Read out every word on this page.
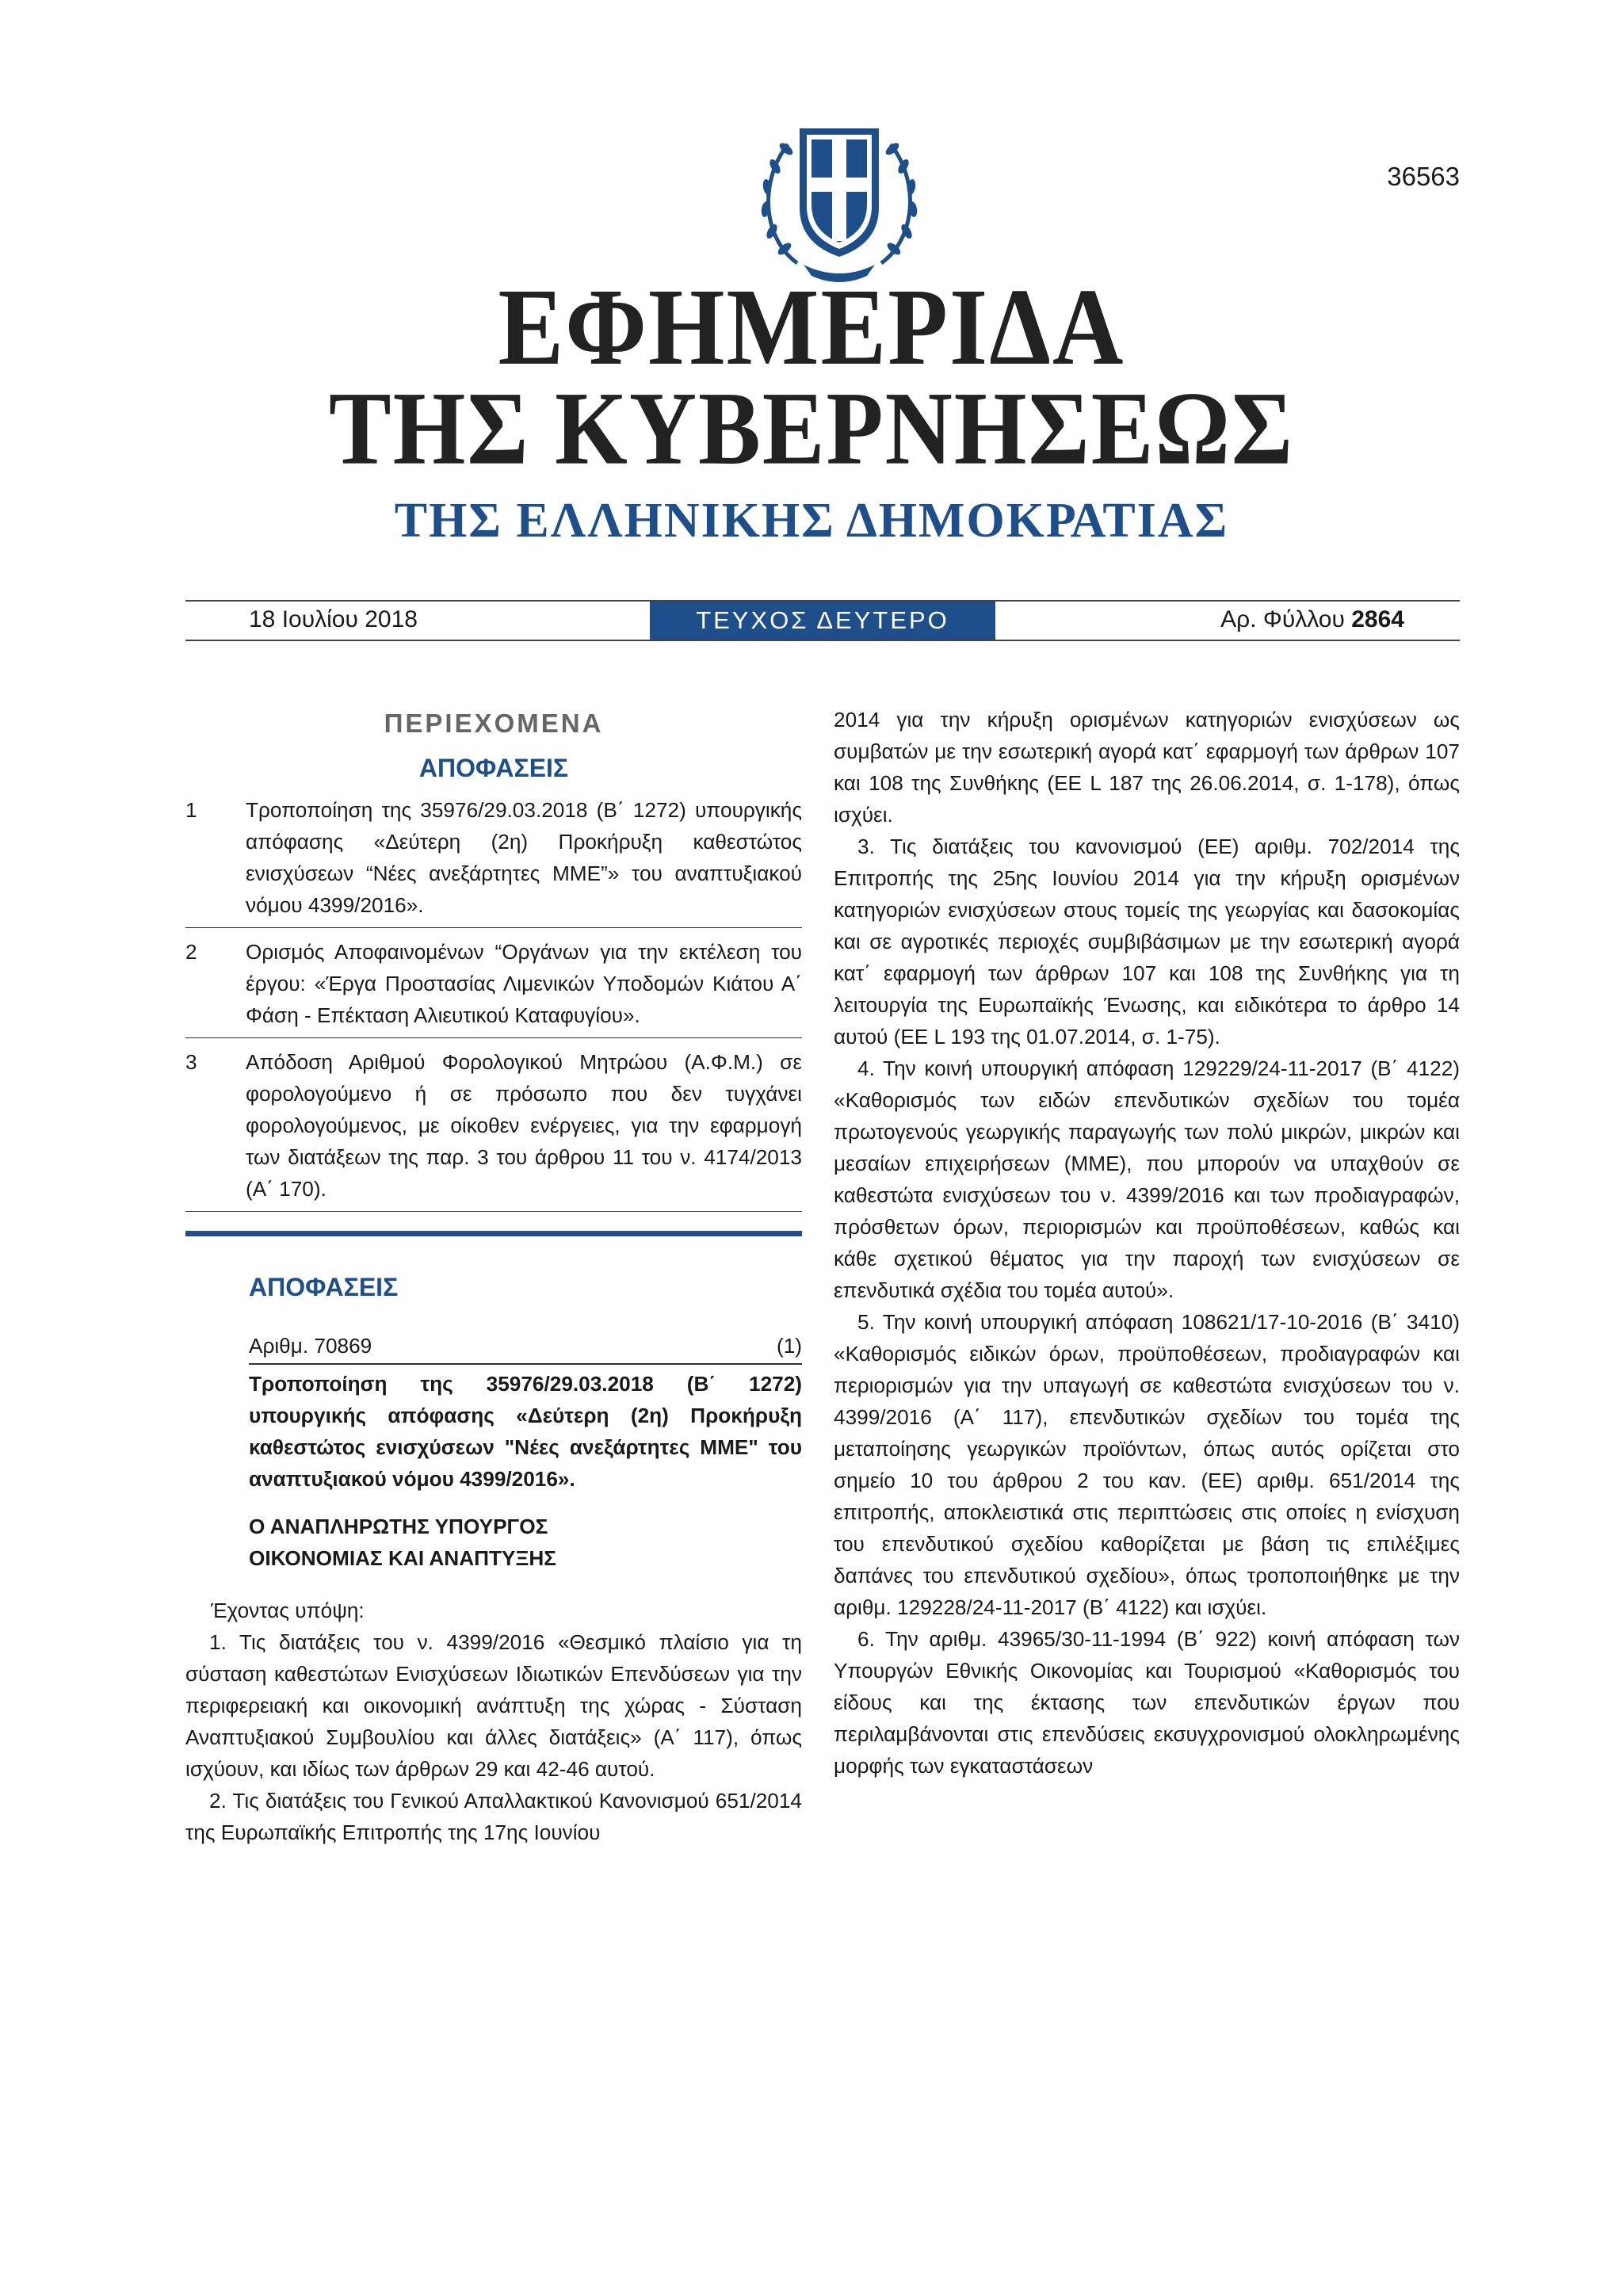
36563
ΕΦΗΜΕΡΙΔΑ
ΤΗΣ ΚΥΒΕΡΝΗΣΕΩΣ
ΤΗΣ ΕΛΛΗΝΙΚΗΣ ΔΗΜΟΚΡΑΤΙΑΣ
18 Ιουλίου 2018	ΤΕΥΧΟΣ ΔΕΥΤΕΡΟ	Αρ. Φύλλου 2864
ΠΕΡΙΕΧΟΜΕΝΑ
ΑΠΟΦΑΣΕΙΣ
1	Τροποποίηση της 35976/29.03.2018 (Β΄ 1272) υπουργικής απόφασης «Δεύτερη (2η) Προκήρυξη καθεστώτος ενισχύσεων “Νέες ανεξάρτητες ΜΜΕ”» του αναπτυξιακού νόμου 4399/2016».
2	Ορισμός Αποφαινομένων “Οργάνων για την εκτέλεση του έργου: «Έργα Προστασίας Λιμενικών Υποδομών Κιάτου Α΄ Φάση - Επέκταση Αλιευτικού Καταφυγίου».
3	Απόδοση Αριθμού Φορολογικού Μητρώου (Α.Φ.Μ.) σε φορολογούμενο ή σε πρόσωπο που δεν τυγχάνει φορολογούμενος, με οίκοθεν ενέργειες, για την εφαρμογή των διατάξεων της παρ. 3 του άρθρου 11 του ν. 4174/2013 (Α΄ 170).
ΑΠΟΦΑΣΕΙΣ
Αριθμ. 70869	(1)
Τροποποίηση της 35976/29.03.2018 (Β΄ 1272) υπουργικής απόφασης «Δεύτερη (2η) Προκήρυξη καθεστώτος ενισχύσεων "Νέες ανεξάρτητες ΜΜΕ" του αναπτυξιακού νόμου 4399/2016».
Ο ΑΝΑΠΛΗΡΩΤΗΣ ΥΠΟΥΡΓΟΣ
ΟΙΚΟΝΟΜΙΑΣ ΚΑΙ ΑΝΑΠΤΥΞΗΣ
Έχοντας υπόψη:
1. Τις διατάξεις του ν. 4399/2016 «Θεσμικό πλαίσιο για τη σύσταση καθεστώτων Ενισχύσεων Ιδιωτικών Επενδύσεων για την περιφερειακή και οικονομική ανάπτυξη της χώρας - Σύσταση Αναπτυξιακού Συμβουλίου και άλλες διατάξεις» (Α΄ 117), όπως ισχύουν, και ιδίως των άρθρων 29 και 42-46 αυτού.
2. Τις διατάξεις του Γενικού Απαλλακτικού Κανονισμού 651/2014 της Ευρωπαϊκής Επιτροπής της 17ης Ιουνίου
2014 για την κήρυξη ορισμένων κατηγοριών ενισχύσεων ως συμβατών με την εσωτερική αγορά κατ΄ εφαρμογή των άρθρων 107 και 108 της Συνθήκης (ΕΕ L 187 της 26.06.2014, σ. 1-178), όπως ισχύει.
3. Τις διατάξεις του κανονισμού (ΕΕ) αριθμ. 702/2014 της Επιτροπής της 25ης Ιουνίου 2014 για την κήρυξη ορισμένων κατηγοριών ενισχύσεων στους τομείς της γεωργίας και δασοκομίας και σε αγροτικές περιοχές συμβιβάσιμων με την εσωτερική αγορά κατ΄ εφαρμογή των άρθρων 107 και 108 της Συνθήκης για τη λειτουργία της Ευρωπαϊκής Ένωσης, και ειδικότερα το άρθρο 14 αυτού (ΕΕ L 193 της 01.07.2014, σ. 1-75).
4. Την κοινή υπουργική απόφαση 129229/24-11-2017 (Β΄ 4122) «Καθορισμός των ειδών επενδυτικών σχεδίων του τομέα πρωτογενούς γεωργικής παραγωγής των πολύ μικρών, μικρών και μεσαίων επιχειρήσεων (ΜΜΕ), που μπορούν να υπαχθούν σε καθεστώτα ενισχύσεων του ν. 4399/2016 και των προδιαγραφών, πρόσθετων όρων, περιορισμών και προϋποθέσεων, καθώς και κάθε σχετικού θέματος για την παροχή των ενισχύσεων σε επενδυτικά σχέδια του τομέα αυτού».
5. Την κοινή υπουργική απόφαση 108621/17-10-2016 (Β΄ 3410) «Καθορισμός ειδικών όρων, προϋποθέσεων, προδιαγραφών και περιορισμών για την υπαγωγή σε καθεστώτα ενισχύσεων του ν. 4399/2016 (Α΄ 117), επενδυτικών σχεδίων του τομέα της μεταποίησης γεωργικών προϊόντων, όπως αυτός ορίζεται στο σημείο 10 του άρθρου 2 του καν. (ΕΕ) αριθμ. 651/2014 της επιτροπής, αποκλειστικά στις περιπτώσεις στις οποίες η ενίσχυση του επενδυτικού σχεδίου καθορίζεται με βάση τις επιλέξιμες δαπάνες του επενδυτικού σχεδίου», όπως τροποποιήθηκε με την αριθμ. 129228/24-11-2017 (Β΄ 4122) και ισχύει.
6. Την αριθμ. 43965/30-11-1994 (Β΄ 922) κοινή απόφαση των Υπουργών Εθνικής Οικονομίας και Τουρισμού «Καθορισμός του είδους και της έκτασης των επενδυτικών έργων που περιλαμβάνονται στις επενδύσεις εκσυγχρονισμού ολοκληρωμένης μορφής των εγκαταστάσεων
